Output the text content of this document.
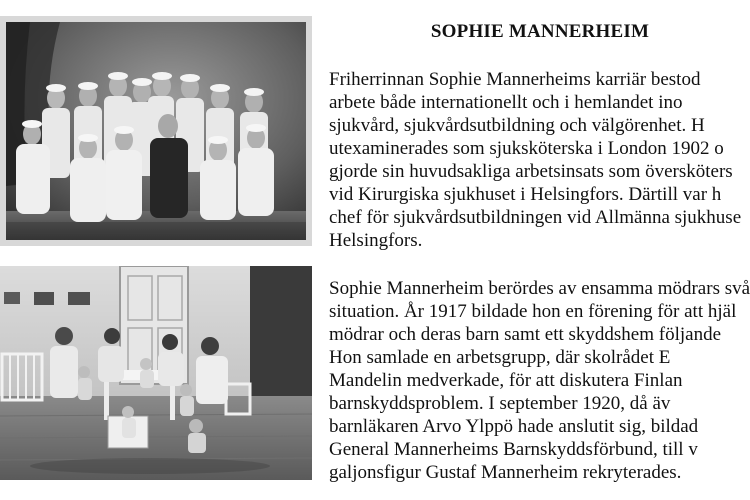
SOPHIE MANNERHEIM
Friherrinnan Sophie Mannerheims karriär bestod
arbete både internationellt och i hemlandet ino
sjukvård, sjukvårdsutbildning och välgörenhet. H
utexaminerades som sjuksköterska i London 1902 o
gjorde sin huvudsakliga arbetsinsats som översköters
vid Kirurgiska sjukhuset i Helsingfors. Därtill var h
chef för sjukvårdsutbildningen vid Allmänna sjukhuse
Helsingfors.
Sophie Mannerheim berördes av ensamma mödrars svå
situation. År 1917 bildade hon en förening för att hjäl
mödrar och deras barn samt ett skyddshem följande
Hon samlade en arbetsgrupp, där skolrådet E
Mandelin medverkade, för att diskutera Finlan
barnskyddsproblem. I september 1920, då äv
barnläkaren Arvo Ylppö hade anslutit sig, bildad
General Mannerheims Barnskyddsförbund, till v
galjonsfigur Gustaf Mannerheim rekryterades.
